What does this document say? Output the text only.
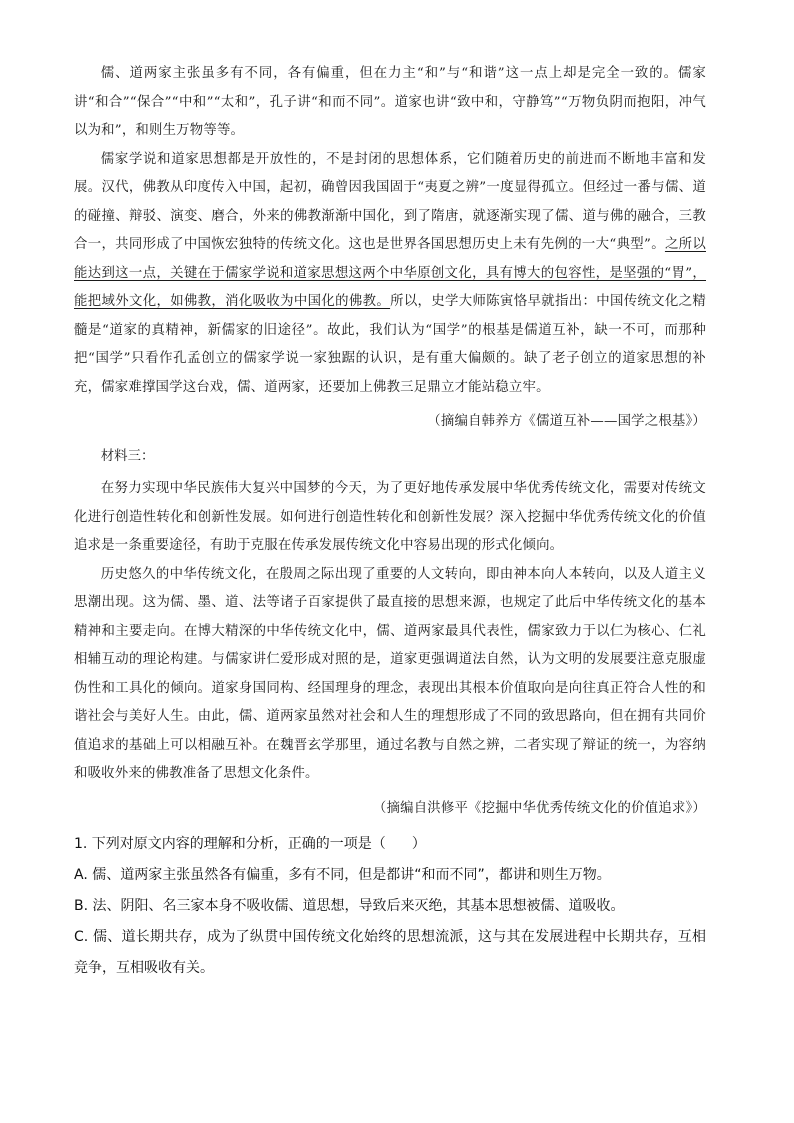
儒、道两家主张虽多有不同，各有偏重，但在力主“和”与“和谐”这一点上却是完全一致的。儒家讲“和合”“保合”“中和”“太和”，孔子讲“和而不同”。道家也讲“致中和，守静笃”“万物负阴而抱阳，冲气以为和”，和则生万物等等。

儒家学说和道家思想都是开放性的，不是封闭的思想体系，它们随着历史的前进而不断地丰富和发展。汉代，佛教从印度传入中国，起初，确曾因我国固于“夷夏之辨”一度显得孤立。但经过一番与儒、道的碰撞、辩驳、演变、磨合，外来的佛教渐渐中国化，到了隋唐，就逐渐实现了儒、道与佛的融合，三教合一，共同形成了中国恢宏独特的传统文化。这也是世界各国思想历史上未有先例的一大“典型”。之所以能达到这一点，关键在于儒家学说和道家思想这两个中华原创文化，具有博大的包容性，是坚强的“胃”，能把域外文化，如佛教，消化吸收为中国化的佛教。所以，史学大师陈寅恪早就指出：中国传统文化之精髓是“道家的真精神，新儒家的旧途径”。故此，我们认为“国学”的根基是儒道互补，缺一不可，而那种把“国学”只看作孔孟创立的儒家学说一家独踞的认识，是有重大偏颇的。缺了老子创立的道家思想的补充，儒家难撑国学这台戏，儒、道两家，还要加上佛教三足鼎立才能站稳立牢。

（摘编自韩养方《儒道互补——国学之根基》）

材料三：

在努力实现中华民族伟大复兴中国梦的今天，为了更好地传承发展中华优秀传统文化，需要对传统文化进行创造性转化和创新性发展。如何进行创造性转化和创新性发展？深入挖掘中华优秀传统文化的价值追求是一条重要途径，有助于克服在传承发展传统文化中容易出现的形式化倾向。

历史悠久的中华传统文化，在殷周之际出现了重要的人文转向，即由神本向人本转向，以及人道主义思潮出现。这为儒、墨、道、法等诸子百家提供了最直接的思想来源，也规定了此后中华传统文化的基本精神和主要走向。在博大精深的中华传统文化中，儒、道两家最具代表性，儒家致力于以仁为核心、仁礼相辅互动的理论构建。与儒家讲仁爱形成对照的是，道家更强调道法自然，认为文明的发展要注意克服虚伪性和工具化的倾向。道家身国同构、经国理身的理念，表现出其根本价值取向是向往真正符合人性的和谐社会与美好人生。由此，儒、道两家虽然对社会和人生的理想形成了不同的致思路向，但在拥有共同价值追求的基础上可以相融互补。在魏晋玄学那里，通过名教与自然之辨，二者实现了辩证的统一，为容纳和吸收外来的佛教准备了思想文化条件。

（摘编自洪修平《挖掘中华优秀传统文化的价值追求》）

1. 下列对原文内容的理解和分析，正确的一项是（ ）

A. 儒、道两家主张虽然各有偏重，多有不同，但是都讲“和而不同”，都讲和则生万物。

B. 法、阴阳、名三家本身不吸收儒、道思想，导致后来灭绝，其基本思想被儒、道吸收。

C. 儒、道长期共存，成为了纵贯中国传统文化始终的思想流派，这与其在发展进程中长期共存，互相竞争，互相吸收有关。
